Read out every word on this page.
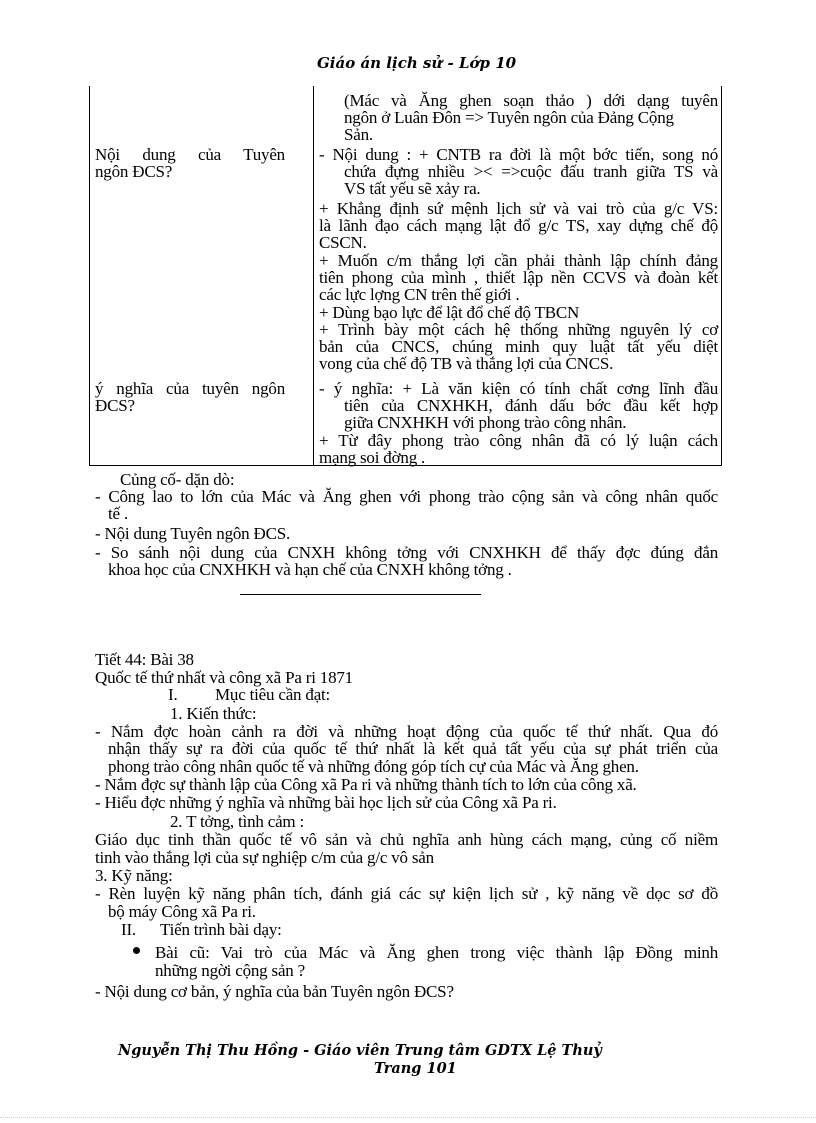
Giáo án lịch sử - Lớp 10
Nội dung của Tuyên
ngôn ĐCS?
ý nghĩa của tuyên ngôn
ĐCS?
(Mác và Ăng ghen soạn thảo ) dới dạng tuyên
ngôn ở Luân Đôn => Tuyên ngôn của Đảng Cộng
Sản.
- Nội dung : + CNTB ra đời là một bớc tiến, song nó
chứa đựng nhiều >< =>cuộc đấu tranh giữa TS và
VS tất yếu sẽ xảy ra.
+ Khẳng định sứ mệnh lịch sử và vai trò của g/c VS:
là lãnh đạo cách mạng lật đổ g/c TS, xay dựng chế độ
CSCN.
+ Muốn c/m thắng lợi cần phải thành lập chính đảng
tiên phong của mình , thiết lập nền CCVS và đoàn kết
các lực lợng CN trên thế giới .
+ Dùng bạo lực để lật đổ chế độ TBCN
+ Trình bày một cách hệ thống những nguyên lý cơ
bản của CNCS, chúng minh quy luật tất yếu diệt
vong của chế độ TB và thắng lợi của CNCS.
- ý nghĩa: + Là văn kiện có tính chất cơng lĩnh đầu
tiên của CNXHKH, đánh dấu bớc đầu kết hợp
giữa CNXHKH với phong trào công nhân.
+ Từ đây phong trào công nhân đã có lý luận cách
mạng soi đờng .
Củng cố- dặn dò:
- Công lao to lớn của Mác và Ăng ghen với phong trào cộng sản và công nhân quốc
tế .
- Nội dung Tuyên ngôn ĐCS.
- So sánh nội dung của CNXH không tởng với CNXHKH để thấy đợc đúng đắn
khoa học của CNXHKH và hạn chế của CNXH không tởng .
Tiết 44: Bài 38
Quốc tế thứ nhất và công xã Pa ri 1871
I. Mục tiêu cần đạt:
1. Kiến thức:
- Nắm đợc hoàn cảnh ra đời và những hoạt động của quốc tế thứ nhất. Qua đó
nhận thấy sự ra đời của quốc tế thứ nhất là kết quả tất yếu của sự phát triển của
phong trào công nhân quốc tế và những đóng góp tích cự của Mác và Ăng ghen.
- Nắm đợc sự thành lập của Công xã Pa ri và những thành tích to lớn của công xã.
- Hiểu đợc những ý nghĩa và những bài học lịch sử của Công xã Pa ri.
2. T tởng, tình cảm :
Giáo dục tinh thần quốc tế vô sản và chủ nghĩa anh hùng cách mạng, củng cố niềm
tinh vào thắng lợi của sự nghiệp c/m của g/c vô sản
3. Kỹ năng:
- Rèn luyện kỹ năng phân tích, đánh giá các sự kiện lịch sử , kỹ năng về dọc sơ đồ
bộ máy Công xã Pa ri.
II. Tiến trình bài dạy:
Bài cũ: Vai trò của Mác và Ăng ghen trong việc thành lập Đồng minh
những ngời cộng sản ?
- Nội dung cơ bản, ý nghĩa của bản Tuyên ngôn ĐCS?
Nguyễn Thị Thu Hồng - Giáo viên Trung tâm GDTX Lệ Thuỷ
Trang 101
